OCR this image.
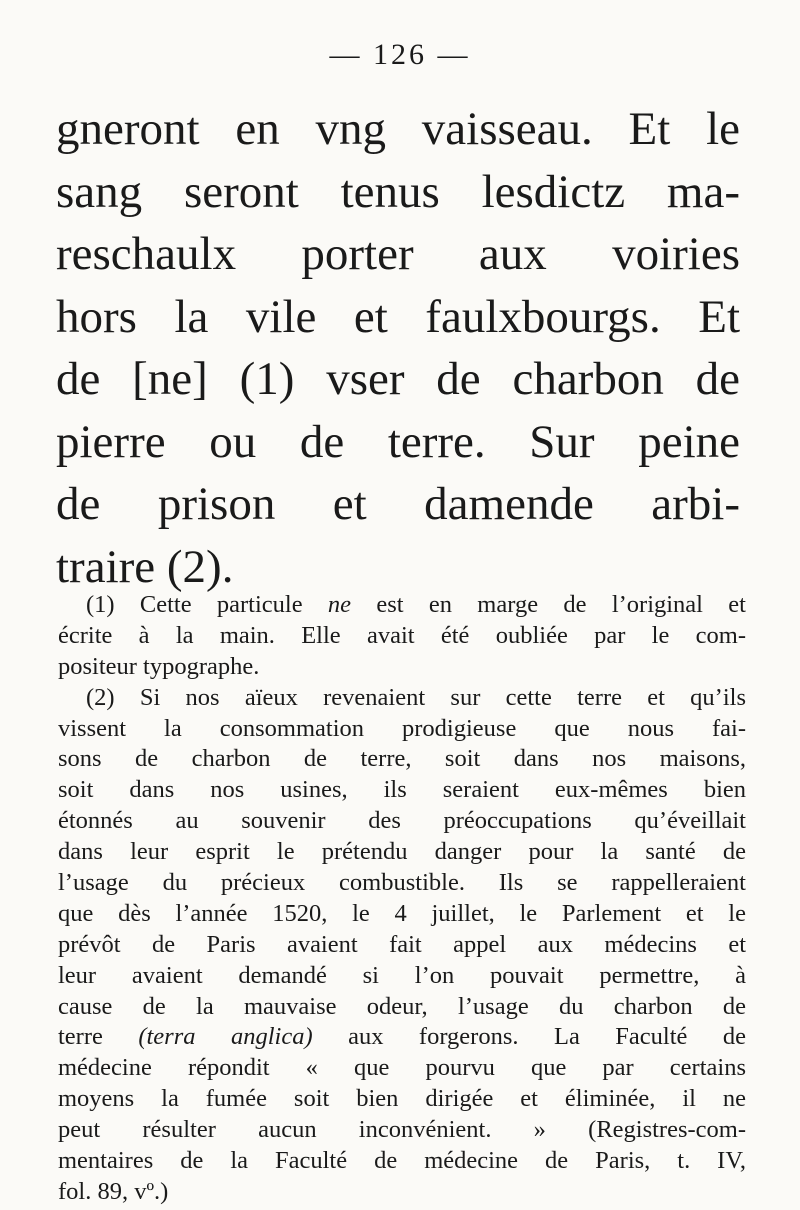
— 126 —
gneront en vng vaisseau. Et le
sang seront tenus lesdictz ma-
reschaulx porter aux voiries
hors la vile et faulxbourgs. Et
de [ne] (1) vser de charbon de
pierre ou de terre. Sur peine
de prison et damende arbi-
traire (2).
(1) Cette particule ne est en marge de l’original et
écrite à la main. Elle avait été oubliée par le com-
positeur typographe.
(2) Si nos aïeux revenaient sur cette terre et qu’ils
vissent la consommation prodigieuse que nous fai-
sons de charbon de terre, soit dans nos maisons,
soit dans nos usines, ils seraient eux-mêmes bien
étonnés au souvenir des préoccupations qu’éveillait
dans leur esprit le prétendu danger pour la santé de
l’usage du précieux combustible. Ils se rappelleraient
que dès l’année 1520, le 4 juillet, le Parlement et le
prévôt de Paris avaient fait appel aux médecins et
leur avaient demandé si l’on pouvait permettre, à
cause de la mauvaise odeur, l’usage du charbon de
terre (terra anglica) aux forgerons. La Faculté de
médecine répondit « que pourvu que par certains
moyens la fumée soit bien dirigée et éliminée, il ne
peut résulter aucun inconvénient. » (Registres-com-
mentaires de la Faculté de médecine de Paris, t. IV,
fol. 89, vº.)
